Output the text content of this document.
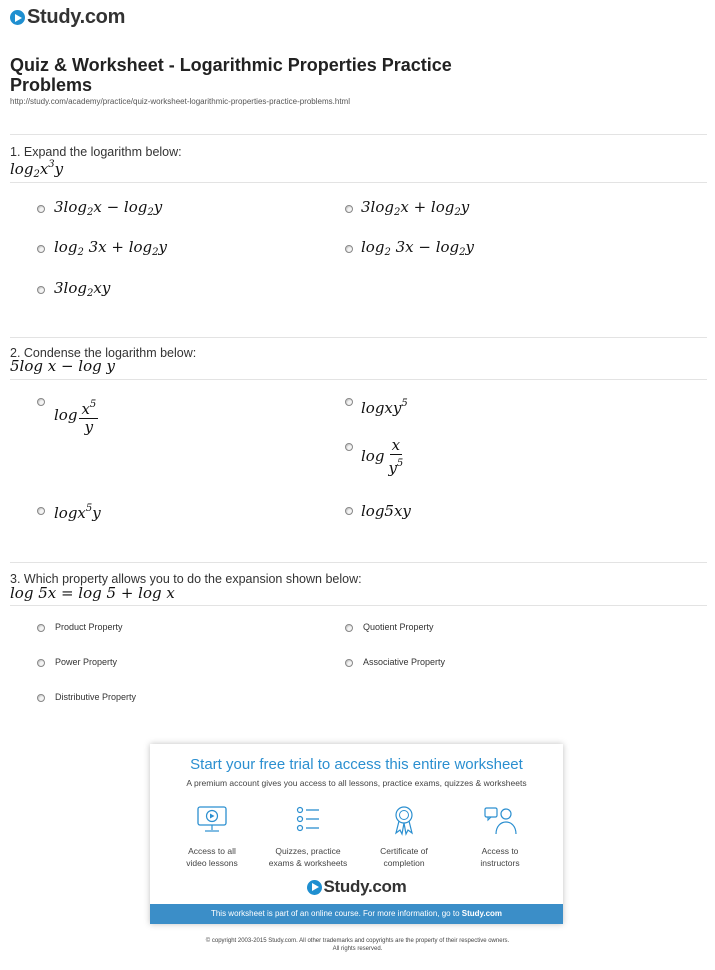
Study.com
Quiz & Worksheet - Logarithmic Properties Practice Problems
http://study.com/academy/practice/quiz-worksheet-logarithmic-properties-practice-problems.html
1. Expand the logarithm below:
$\log_2x^3y$
$3\log_2x - \log_2y$	$3\log_2x + \log_2y$
$\log_2 3x + \log_2y$	$\log_2 3x - \log_2y$
$3\log_2xy$
2. Condense the logarithm below:
5log x − log y
$\log \frac{x^5}{y}$	logxy$^5$
$\log \frac{x}{y^5}$
logx$^5$y	log5xy
3. Which property allows you to do the expansion shown below:
log 5x = log 5 + log x
Product Property	Quotient Property
Power Property	Associative Property
Distributive Property
Start your free trial to access this entire worksheet
A premium account gives you access to all lessons, practice exams, quizzes & worksheets
Access to all
video lessons
Quizzes, practice
exams & worksheets
Certificate of
completion
Access to
instructors
Study.com
This worksheet is part of an online course. For more information, go to Study.com
© copyright 2003-2015 Study.com. All other trademarks and copyrights are the property of their respective owners.
All rights reserved.
